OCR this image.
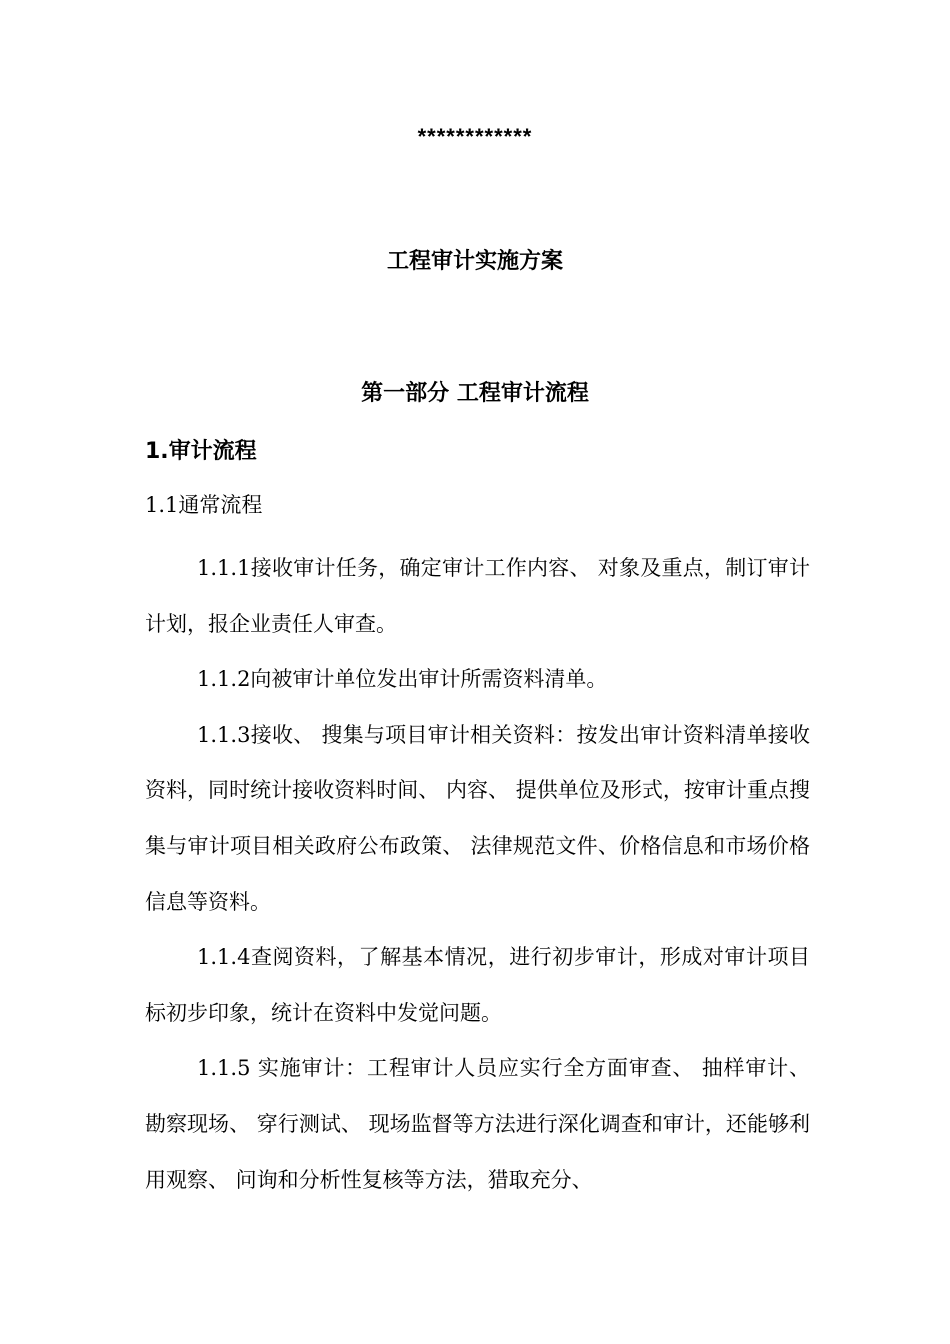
************
工程审计实施方案
第一部分 工程审计流程
1.审计流程
1.1通常流程

1.1.1接收审计任务，确定审计工作内容、 对象及重点，制订审计计划，报企业责任人审查。

1.1.2向被审计单位发出审计所需资料清单。

1.1.3接收、 搜集与项目审计相关资料：按发出审计资料清单接收资料，同时统计接收资料时间、 内容、 提供单位及形式，按审计重点搜集与审计项目相关政府公布政策、 法律规范文件、价格信息和市场价格信息等资料。

1.1.4查阅资料，了解基本情况，进行初步审计，形成对审计项目标初步印象，统计在资料中发觉问题。

1.1.5 实施审计：工程审计人员应实行全方面审查、 抽样审计、 勘察现场、 穿行测试、 现场监督等方法进行深化调查和审计，还能够利用观察、 问询和分析性复核等方法，猎取充分、
